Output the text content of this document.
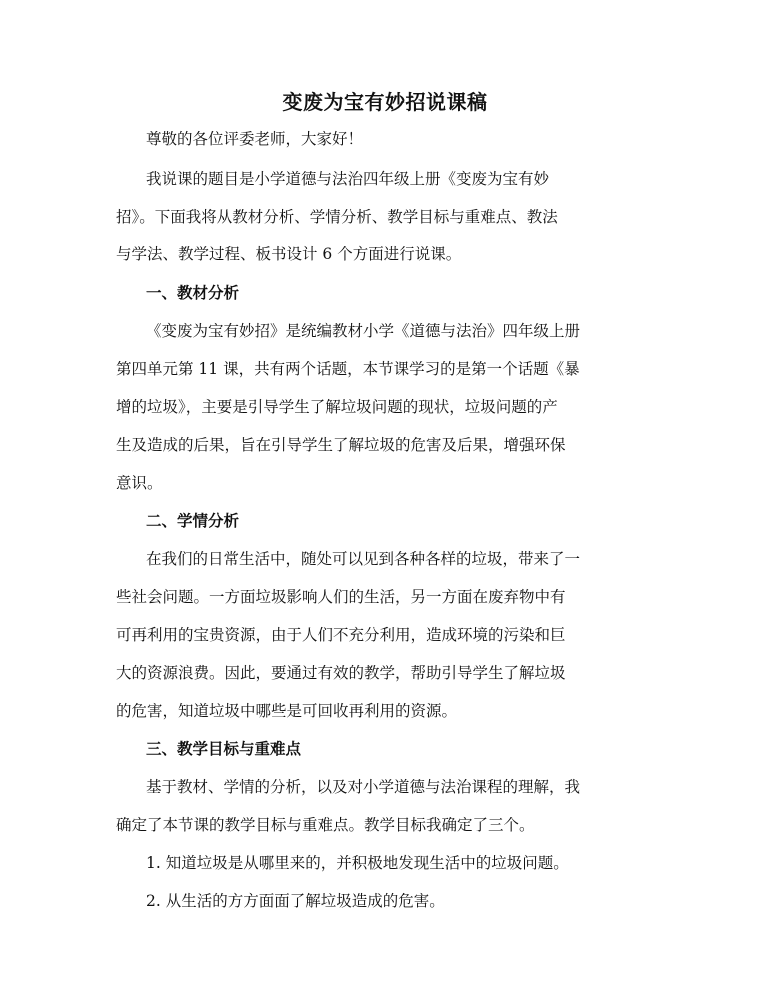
变废为宝有妙招说课稿
尊敬的各位评委老师，大家好！
我说课的题目是小学道德与法治四年级上册《变废为宝有妙
招》。下面我将从教材分析、学情分析、教学目标与重难点、教法
与学法、教学过程、板书设计 6 个方面进行说课。
一、教材分析
《变废为宝有妙招》是统编教材小学《道德与法治》四年级上册
第四单元第 11 课，共有两个话题，本节课学习的是第一个话题《暴
增的垃圾》，主要是引导学生了解垃圾问题的现状，垃圾问题的产
生及造成的后果，旨在引导学生了解垃圾的危害及后果，增强环保
意识。
二、学情分析
在我们的日常生活中，随处可以见到各种各样的垃圾，带来了一
些社会问题。一方面垃圾影响人们的生活，另一方面在废弃物中有
可再利用的宝贵资源，由于人们不充分利用，造成环境的污染和巨
大的资源浪费。因此，要通过有效的教学，帮助引导学生了解垃圾
的危害，知道垃圾中哪些是可回收再利用的资源。
三、教学目标与重难点
基于教材、学情的分析，以及对小学道德与法治课程的理解，我
确定了本节课的教学目标与重难点。教学目标我确定了三个。
1. 知道垃圾是从哪里来的，并积极地发现生活中的垃圾问题。
2. 从生活的方方面面了解垃圾造成的危害。
